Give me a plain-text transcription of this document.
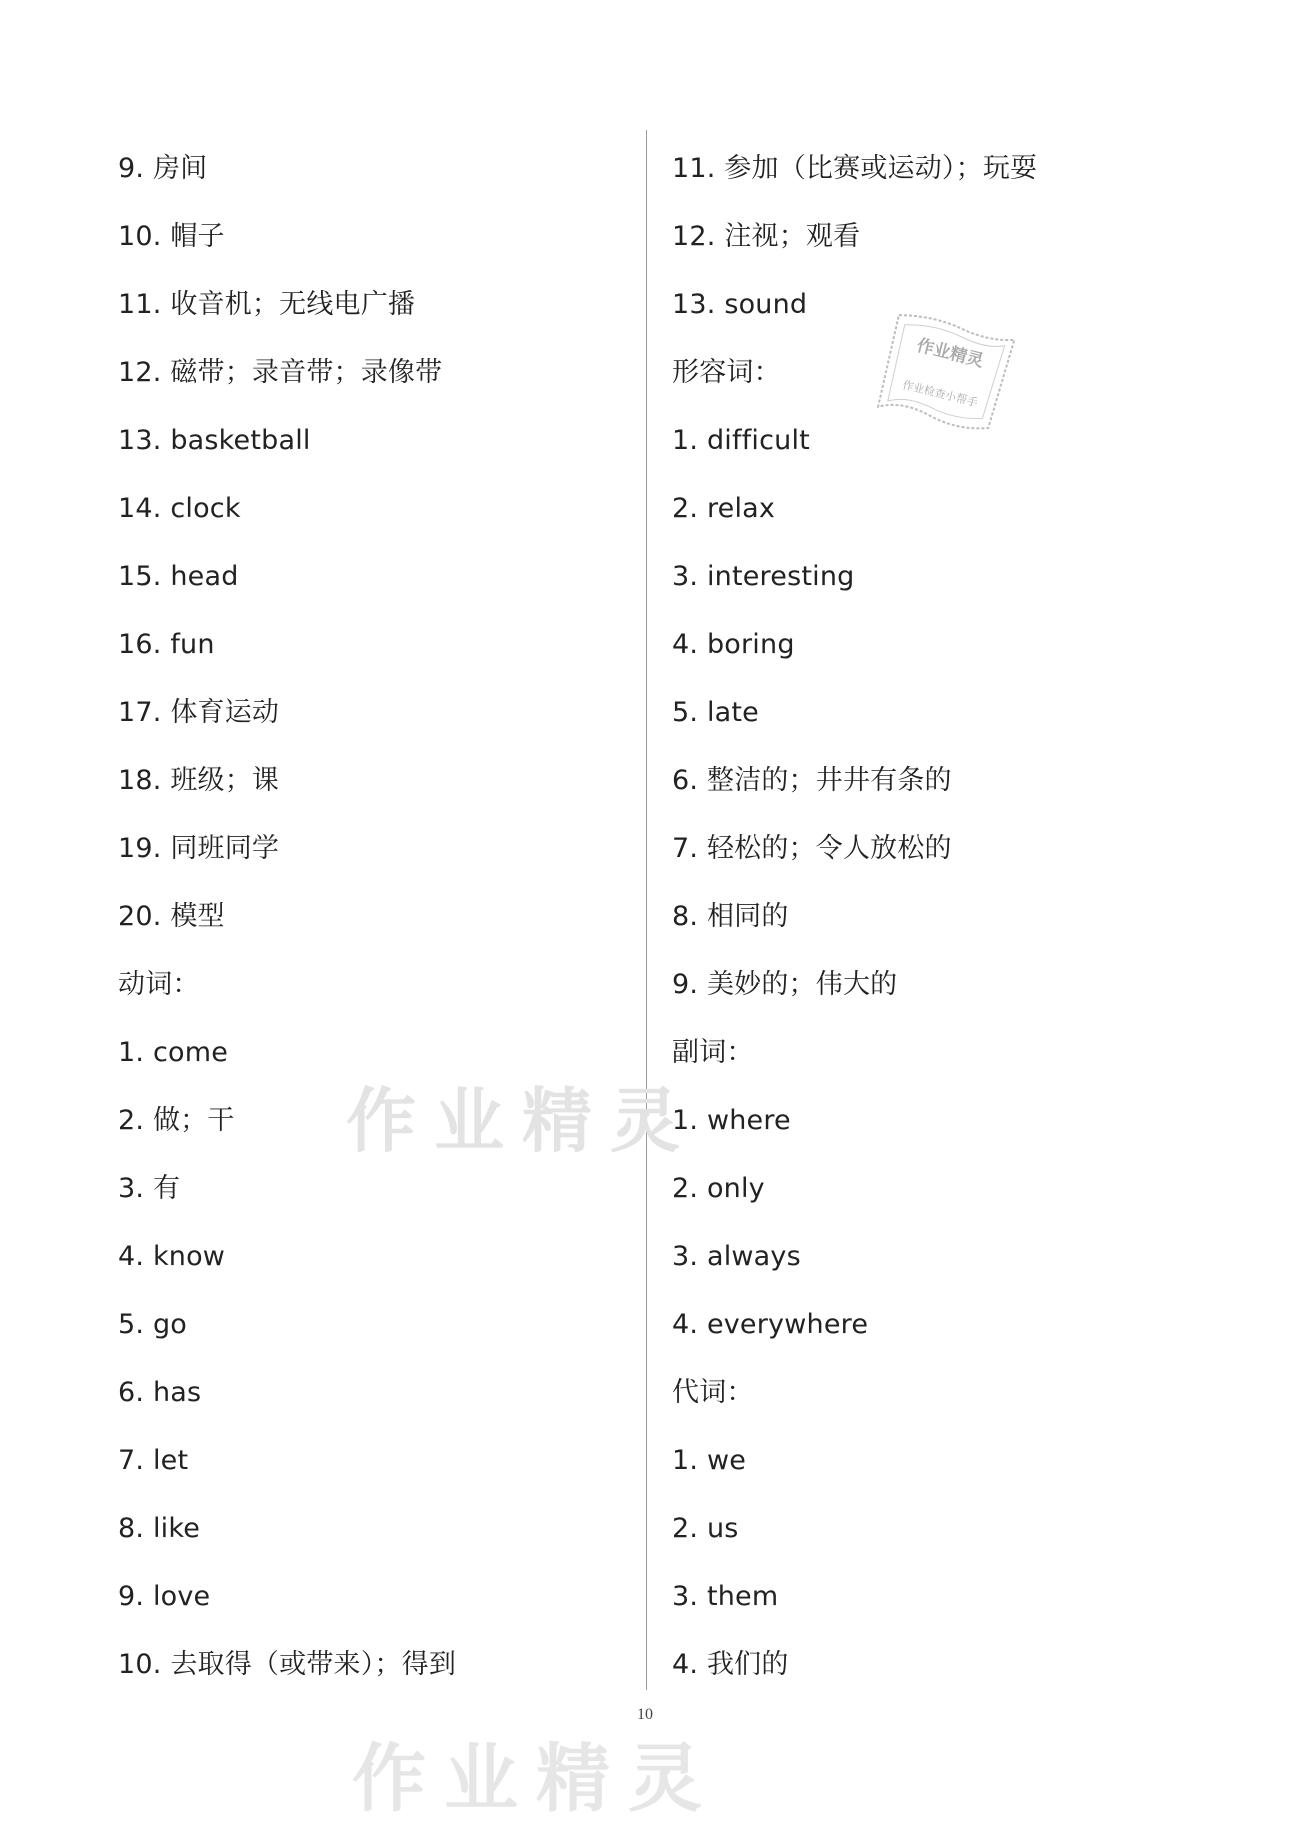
9. 房间
10. 帽子
11. 收音机；无线电广播
12. 磁带；录音带；录像带
13. basketball
14. clock
15. head
16. fun
17. 体育运动
18. 班级；课
19. 同班同学
20. 模型
动词：
1. come
2. 做；干
3. 有
4. know
5. go
6. has
7. let
8. like
9. love
10. 去取得（或带来）；得到
11. 参加（比赛或运动）；玩耍
12. 注视；观看
13. sound
形容词：
1. difficult
2. relax
3. interesting
4. boring
5. late
6. 整洁的；井井有条的
7. 轻松的；令人放松的
8. 相同的
9. 美妙的；伟大的
副词：
1. where
2. only
3. always
4. everywhere
代词：
1. we
2. us
3. them
4. 我们的
作业精灵
作业检查小帮手
作业精灵
作业精灵
10
